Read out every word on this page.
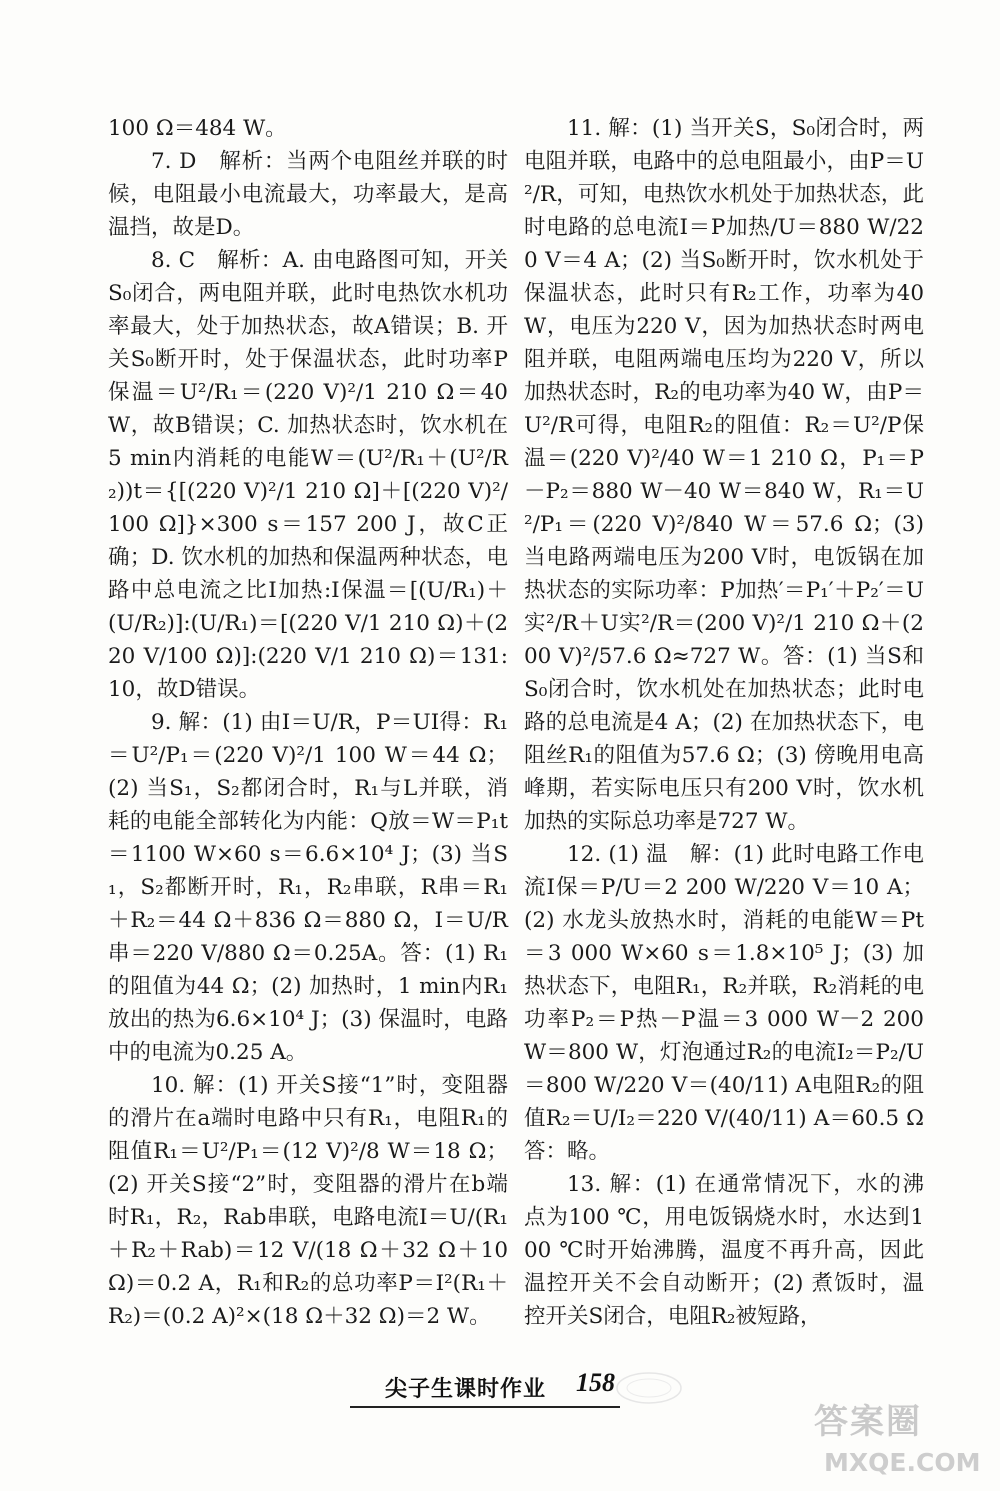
100 Ω＝484 W。

7. D　解析：当两个电阻丝并联的时候，电阻最小电流最大，功率最大，是高温挡，故是D。

8. C　解析：A. 由电路图可知，开关S₀闭合，两电阻并联，此时电热饮水机功率最大，处于加热状态，故A错误；B. 开关S₀断开时，处于保温状态，此时功率P保温＝U²/R₁＝(220 V)²/1 210 Ω＝40 W，故B错误；C. 加热状态时，饮水机在5 min内消耗的电能W＝(U²/R₁＋(U²/R₂))t＝{[(220 V)²/1 210 Ω]＋[(220 V)²/100 Ω]}×300 s＝157 200 J，故C正确；D. 饮水机的加热和保温两种状态，电路中总电流之比I加热:I保温＝[(U/R₁)＋(U/R₂)]:(U/R₁)＝[(220 V/1 210 Ω)＋(220 V/100 Ω)]:(220 V/1 210 Ω)＝131:10，故D错误。

9. 解：(1) 由I＝U/R，P＝UI得：R₁＝U²/P₁＝(220 V)²/1 100 W＝44 Ω；(2) 当S₁，S₂都闭合时，R₁与L并联，消耗的电能全部转化为内能：Q放＝W＝P₁t＝1100 W×60 s＝6.6×10⁴ J；(3) 当S₁，S₂都断开时，R₁，R₂串联，R串＝R₁＋R₂＝44 Ω＋836 Ω＝880 Ω，I＝U/R串＝220 V/880 Ω＝0.25A。答：(1) R₁的阻值为44 Ω；(2) 加热时，1 min内R₁放出的热为6.6×10⁴ J；(3) 保温时，电路中的电流为0.25 A。

10. 解：(1) 开关S接“1”时，变阻器的滑片在a端时电路中只有R₁，电阻R₁的阻值R₁＝U²/P₁＝(12 V)²/8 W＝18 Ω；(2) 开关S接“2”时，变阻器的滑片在b端时R₁，R₂，Rab串联，电路电流I＝U/(R₁＋R₂＋Rab)＝12 V/(18 Ω＋32 Ω＋10 Ω)＝0.2 A，R₁和R₂的总功率P＝I²(R₁＋R₂)＝(0.2 A)²×(18 Ω＋32 Ω)＝2 W。

11. 解：(1) 当开关S，S₀闭合时，两电阻并联，电路中的总电阻最小，由P＝U²/R，可知，电热饮水机处于加热状态，此时电路的总电流I＝P加热/U＝880 W/220 V＝4 A；(2) 当S₀断开时，饮水机处于保温状态，此时只有R₂工作，功率为40 W，电压为220 V，因为加热状态时两电阻并联，电阻两端电压均为220 V，所以加热状态时，R₂的电功率为40 W，由P＝U²/R可得，电阻R₂的阻值：R₂＝U²/P保温＝(220 V)²/40 W＝1 210 Ω，P₁＝P－P₂＝880 W－40 W＝840 W，R₁＝U²/P₁＝(220 V)²/840 W＝57.6 Ω；(3) 当电路两端电压为200 V时，电饭锅在加热状态的实际功率：P加热′＝P₁′＋P₂′＝U实²/R＋U实²/R＝(200 V)²/1 210 Ω＋(200 V)²/57.6 Ω≈727 W。答：(1) 当S和S₀闭合时，饮水机处在加热状态；此时电路的总电流是4 A；(2) 在加热状态下，电阻丝R₁的阻值为57.6 Ω；(3) 傍晚用电高峰期，若实际电压只有200 V时，饮水机加热的实际总功率是727 W。

12. (1) 温　解：(1) 此时电路工作电流I保＝P/U＝2 200 W/220 V＝10 A；(2) 水龙头放热水时，消耗的电能W＝Pt＝3 000 W×60 s＝1.8×10⁵ J；(3) 加热状态下，电阻R₁，R₂并联，R₂消耗的电功率P₂＝P热－P温＝3 000 W－2 200 W＝800 W，灯泡通过R₂的电流I₂＝P₂/U＝800 W/220 V＝(40/11) A电阻R₂的阻值R₂＝U/I₂＝220 V/(40/11) A＝60.5 Ω　答：略。

13. 解：(1) 在通常情况下，水的沸点为100 ℃，用电饭锅烧水时，水达到100 ℃时开始沸腾，温度不再升高，因此温控开关不会自动断开；(2) 煮饭时，温控开关S闭合，电阻R₂被短路，

尖子生课时作业 158
答案圈
MXQE.COM
